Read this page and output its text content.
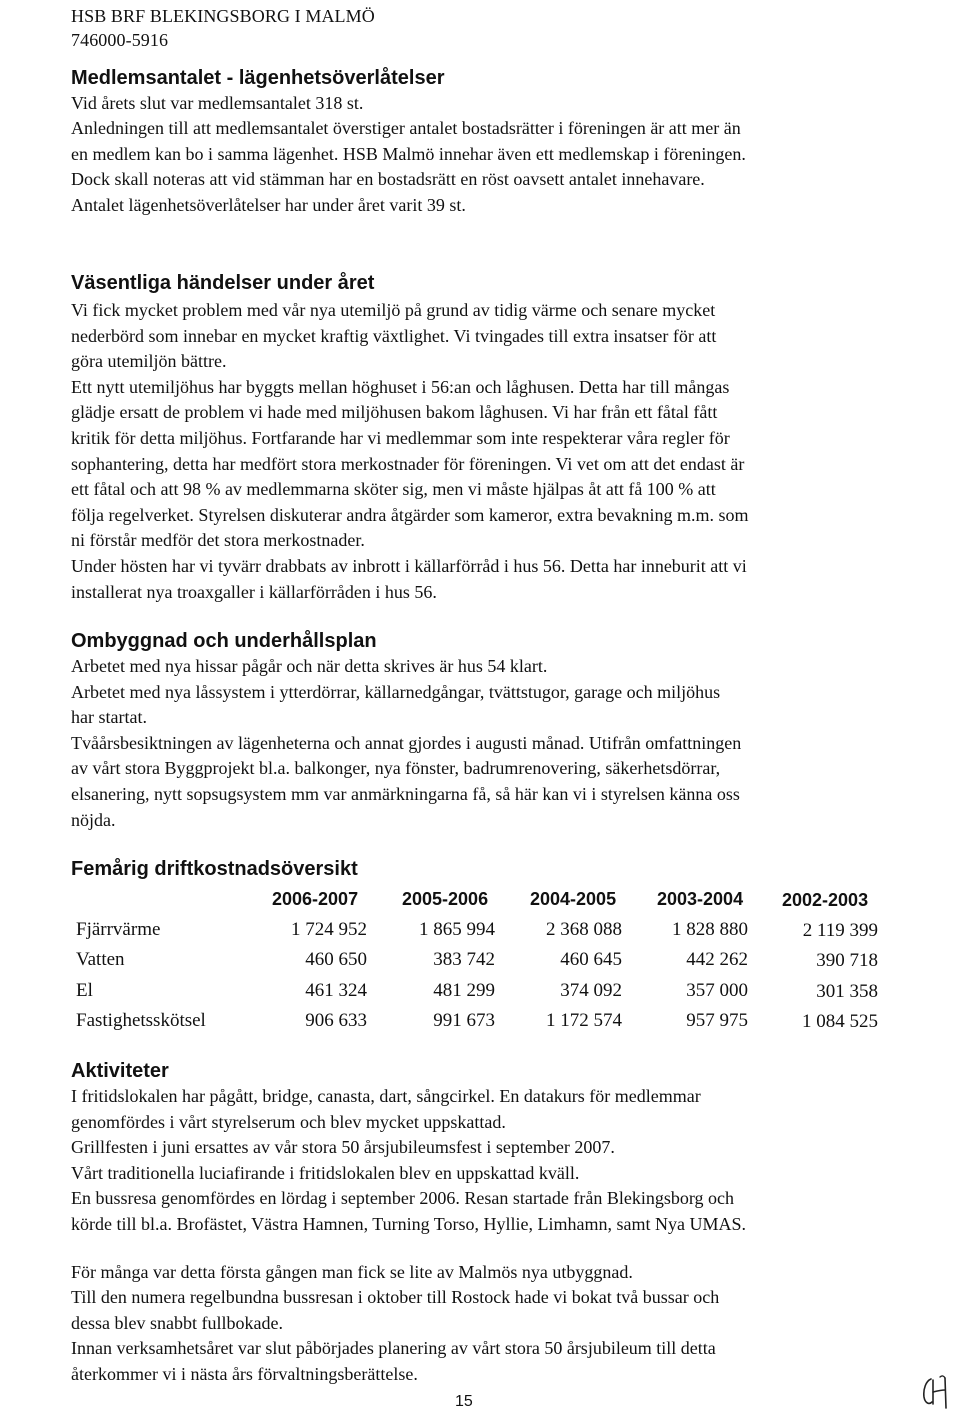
HSB BRF BLEKINGSBORG I MALMÖ
746000-5916
Medlemsantalet - lägenhetsöverlåtelser

Vid årets slut var medlemsantalet 318 st.

Anledningen till att medlemsantalet överstiger antalet bostadsrätter i föreningen är att mer än

en medlem kan bo i samma lägenhet. HSB Malmö innehar även ett medlemskap i föreningen.

Dock skall noteras att vid stämman har en bostadsrätt en röst oavsett antalet innehavare.

Antalet lägenhetsöverlåtelser har under året varit 39 st.

Väsentliga händelser under året

Vi fick mycket problem med vår nya utemiljö på grund av tidig värme och senare mycket

nederbörd som innebar en mycket kraftig växtlighet. Vi tvingades till extra insatser för att

göra utemiljön bättre.

Ett nytt utemiljöhus har byggts mellan höghuset i 56:an och låghusen. Detta har till mångas

glädje ersatt de problem vi hade med miljöhusen bakom låghusen. Vi har från ett fåtal fått

kritik för detta miljöhus. Fortfarande har vi medlemmar som inte respekterar våra regler för

sophantering, detta har medfört stora merkostnader för föreningen. Vi vet om att det endast är

ett fåtal och att 98 % av medlemmarna sköter sig, men vi måste hjälpas åt att få 100 % att

följa regelverket. Styrelsen diskuterar andra åtgärder som kameror, extra bevakning m.m. som

ni förstår medför det stora merkostnader.

Under hösten har vi tyvärr drabbats av inbrott i källarförråd i hus 56. Detta har inneburit att vi

installerat nya troaxgaller i källarförråden i hus 56.

Ombyggnad och underhållsplan

Arbetet med nya hissar pågår och när detta skrives är hus 54 klart.

Arbetet med nya låssystem i ytterdörrar, källarnedgångar, tvättstugor, garage och miljöhus

har startat.

Tvåårsbesiktningen av lägenheterna och annat gjordes i augusti månad. Utifrån omfattningen

av vårt stora Byggprojekt bl.a. balkonger, nya fönster, badrumrenovering, säkerhetsdörrar,

elsanering, nytt sopsugsystem mm var anmärkningarna få, så här kan vi i styrelsen känna oss

nöjda.

Femårig driftkostnadsöversikt
2006-2007 2005-2006 2004-2005 2003-2004 2002-2003
Fjärrvärme	1 724 952	1 865 994	2 368 088	1 828 880	2 119 399
Vatten	460 650	383 742	460 645	442 262	390 718
El	461 324	481 299	374 092	357 000	301 358
Fastighetsskötsel	906 633	991 673	1 172 574	957 975	1 084 525
Aktiviteter

I fritidslokalen har pågått, bridge, canasta, dart, sångcirkel. En datakurs för medlemmar

genomfördes i vårt styrelserum och blev mycket uppskattad.

Grillfesten i juni ersattes av vår stora 50 årsjubileumsfest i september 2007.

Vårt traditionella luciafirande i fritidslokalen blev en uppskattad kväll.

En bussresa genomfördes en lördag i september 2006. Resan startade från Blekingsborg och

körde till bl.a. Brofästet, Västra Hamnen, Turning Torso, Hyllie, Limhamn, samt Nya UMAS.

För många var detta första gången man fick se lite av Malmös nya utbyggnad.

Till den numera regelbundna bussresan i oktober till Rostock hade vi bokat två bussar och

dessa blev snabbt fullbokade.

Innan verksamhetsåret var slut påbörjades planering av vårt stora 50 årsjubileum till detta

återkommer vi i nästa års förvaltningsberättelse.

15
